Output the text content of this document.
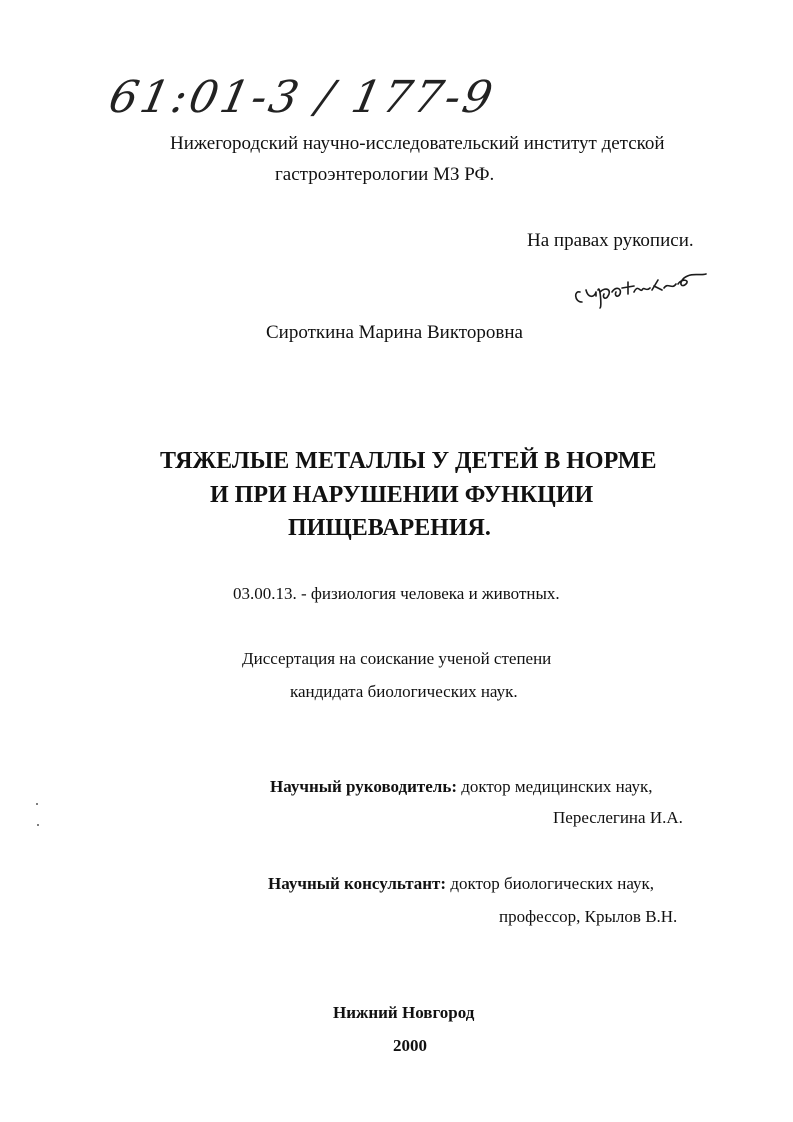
61:01-3 / 177-9
Нижегородский научно-исследовательский институт детской
гастроэнтерологии МЗ РФ.
На правах рукописи.
Сироткина Марина Викторовна
ТЯЖЕЛЫЕ МЕТАЛЛЫ У ДЕТЕЙ В НОРМЕ
И ПРИ НАРУШЕНИИ ФУНКЦИИ
ПИЩЕВАРЕНИЯ.
03.00.13. - физиология человека и животных.
Диссертация на соискание ученой степени
кандидата биологических наук.
Научный руководитель: доктор медицинских наук,
Переслегина И.А.
Научный консультант: доктор биологических наук,
профессор, Крылов В.Н.
Нижний Новгород
2000
